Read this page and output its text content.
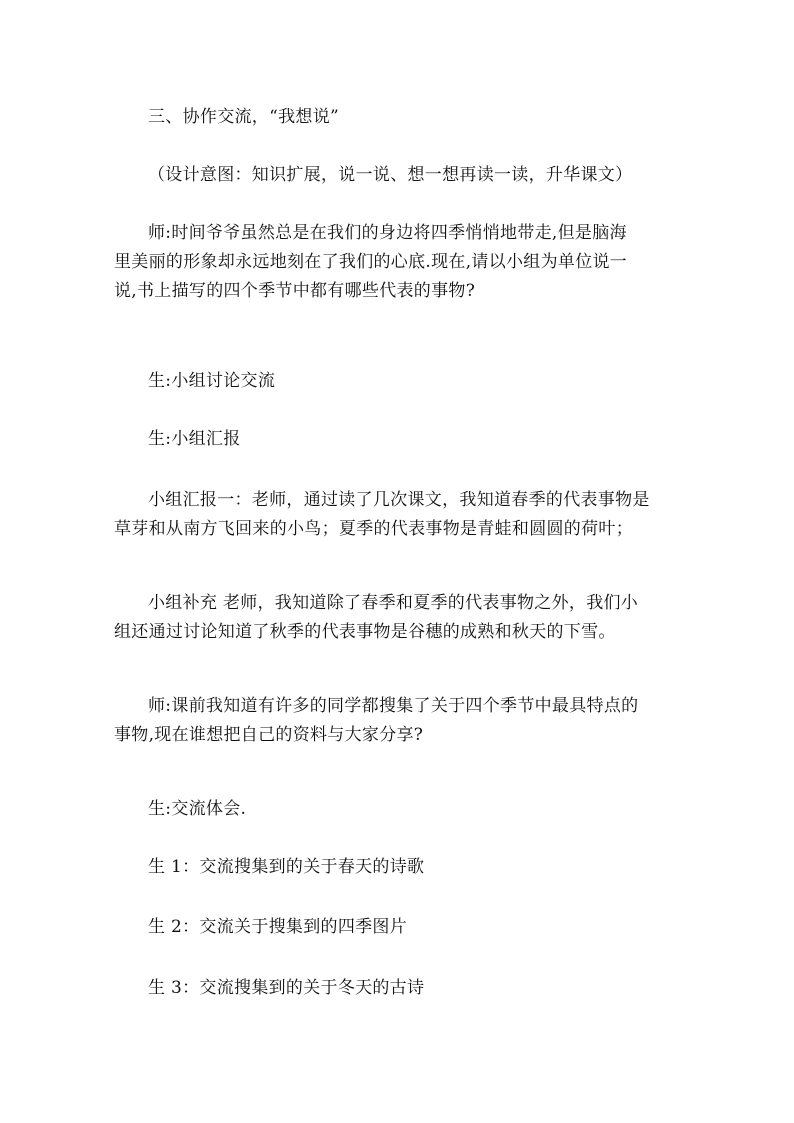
三、协作交流，“我想说”
（设计意图：知识扩展，说一说、想一想再读一读，升华课文）
师:时间爷爷虽然总是在我们的身边将四季悄悄地带走,但是脑海
里美丽的形象却永远地刻在了我们的心底.现在,请以小组为单位说一
说,书上描写的四个季节中都有哪些代表的事物?
生:小组讨论交流
生:小组汇报
小组汇报一：老师，通过读了几次课文，我知道春季的代表事物是
草芽和从南方飞回来的小鸟；夏季的代表事物是青蛙和圆圆的荷叶；
小组补充 老师，我知道除了春季和夏季的代表事物之外，我们小
组还通过讨论知道了秋季的代表事物是谷穗的成熟和秋天的下雪。
师:课前我知道有许多的同学都搜集了关于四个季节中最具特点的
事物,现在谁想把自己的资料与大家分享?
生:交流体会.
生 1：交流搜集到的关于春天的诗歌
生 2：交流关于搜集到的四季图片
生 3：交流搜集到的关于冬天的古诗
